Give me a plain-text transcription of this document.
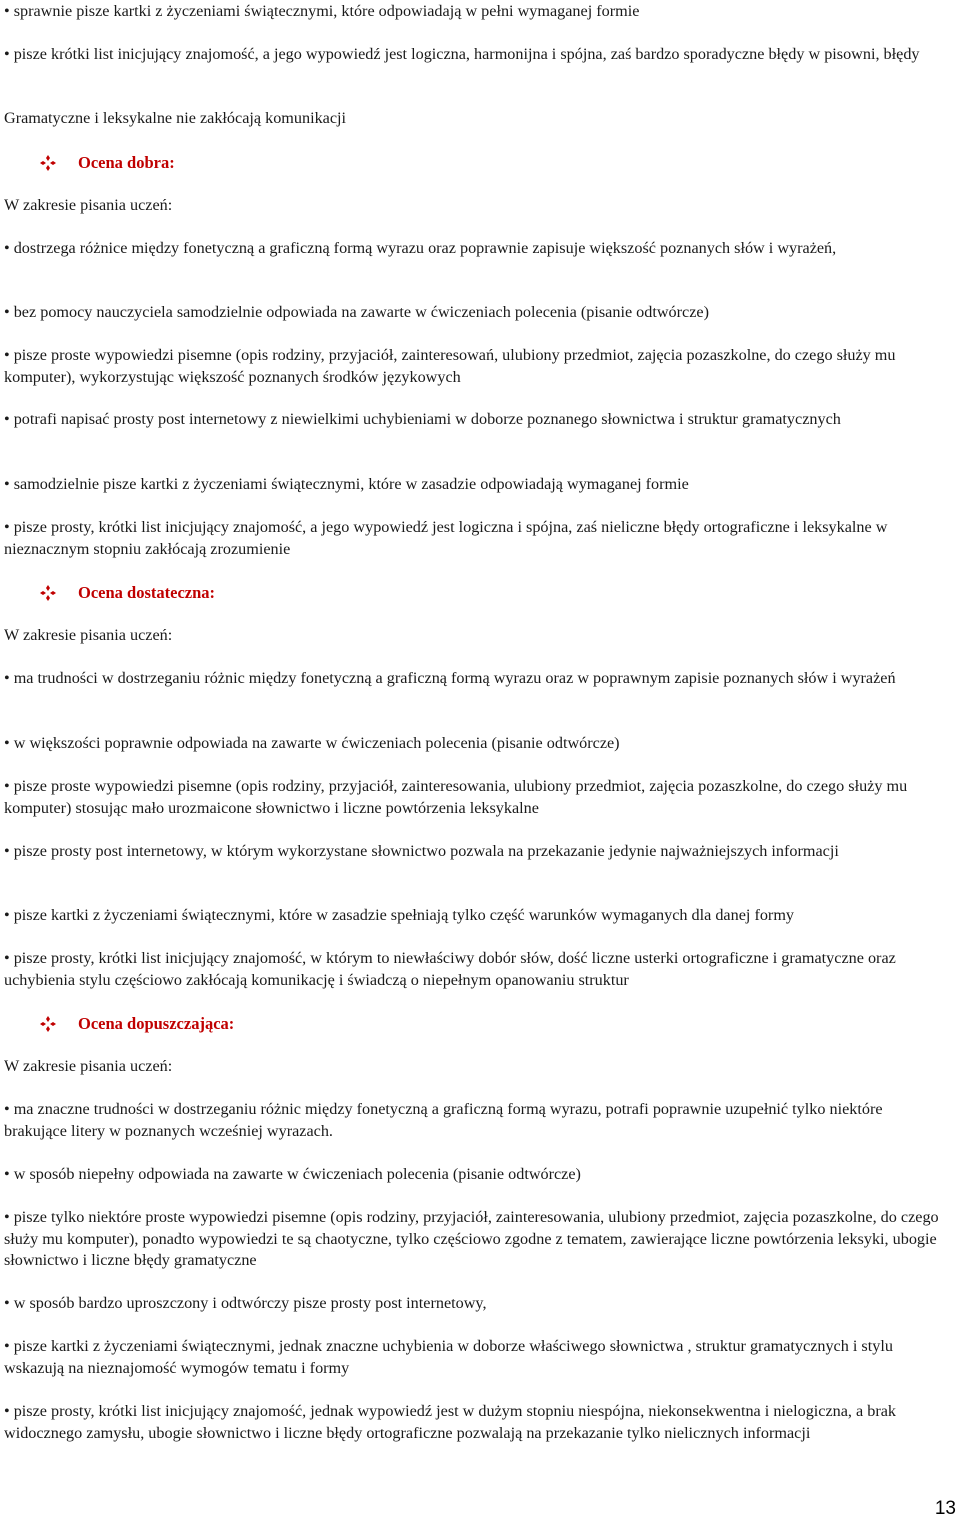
• sprawnie pisze kartki z życzeniami świątecznymi, które odpowiadają w pełni wymaganej formie

• pisze krótki list inicjujący znajomość, a jego wypowiedź jest logiczna, harmonijna i spójna, zaś bardzo sporadyczne błędy w pisowni, błędy

Gramatyczne i leksykalne nie zakłócają komunikacji

Ocena dobra:

W zakresie pisania uczeń:

• dostrzega różnice między fonetyczną a graficzną formą wyrazu oraz poprawnie zapisuje większość poznanych słów i wyrażeń,

• bez pomocy nauczyciela samodzielnie odpowiada na zawarte w ćwiczeniach polecenia (pisanie odtwórcze)

• pisze proste wypowiedzi pisemne (opis rodziny, przyjaciół, zainteresowań, ulubiony przedmiot, zajęcia pozaszkolne, do czego służy mu komputer), wykorzystując większość poznanych środków językowych

• potrafi napisać prosty post internetowy z niewielkimi uchybieniami w doborze poznanego słownictwa i struktur gramatycznych

• samodzielnie pisze kartki z życzeniami świątecznymi, które w zasadzie odpowiadają wymaganej formie

• pisze prosty, krótki list inicjujący znajomość, a jego wypowiedź jest logiczna i spójna, zaś nieliczne błędy ortograficzne i leksykalne w nieznacznym stopniu zakłócają zrozumienie

Ocena dostateczna:

W zakresie pisania uczeń:

• ma trudności w dostrzeganiu różnic między fonetyczną a graficzną formą wyrazu oraz w poprawnym zapisie poznanych słów i wyrażeń

• w większości poprawnie odpowiada na zawarte w ćwiczeniach polecenia (pisanie odtwórcze)

• pisze proste wypowiedzi pisemne (opis rodziny, przyjaciół, zainteresowania, ulubiony przedmiot, zajęcia pozaszkolne, do czego służy mu komputer) stosując mało urozmaicone słownictwo i liczne powtórzenia leksykalne

• pisze prosty post internetowy, w którym wykorzystane słownictwo pozwala na przekazanie jedynie najważniejszych informacji

• pisze kartki z życzeniami świątecznymi, które w zasadzie spełniają tylko część warunków wymaganych dla danej formy

• pisze prosty, krótki list inicjujący znajomość, w którym to niewłaściwy dobór słów, dość liczne usterki ortograficzne i gramatyczne oraz uchybienia stylu częściowo zakłócają komunikację i świadczą o niepełnym opanowaniu struktur

Ocena dopuszczająca:

W zakresie pisania uczeń:

• ma znaczne trudności w dostrzeganiu różnic między fonetyczną a graficzną formą wyrazu, potrafi poprawnie uzupełnić tylko niektóre brakujące litery w poznanych wcześniej wyrazach.

• w sposób niepełny odpowiada na zawarte w ćwiczeniach polecenia (pisanie odtwórcze)

• pisze tylko niektóre proste wypowiedzi pisemne (opis rodziny, przyjaciół, zainteresowania, ulubiony przedmiot, zajęcia pozaszkolne, do czego służy mu komputer), ponadto wypowiedzi te są chaotyczne, tylko częściowo zgodne z tematem, zawierające liczne powtórzenia leksyki, ubogie słownictwo i liczne błędy gramatyczne

• w sposób bardzo uproszczony i odtwórczy pisze prosty post internetowy,

• pisze kartki z życzeniami świątecznymi, jednak znaczne uchybienia w doborze właściwego słownictwa , struktur gramatycznych i stylu wskazują na nieznajomość wymogów tematu i formy

• pisze prosty, krótki list inicjujący znajomość, jednak wypowiedź jest w dużym stopniu niespójna, niekonsekwentna i nielogiczna, a brak widocznego zamysłu, ubogie słownictwo i liczne błędy ortograficzne pozwalają na przekazanie tylko nielicznych informacji

13
